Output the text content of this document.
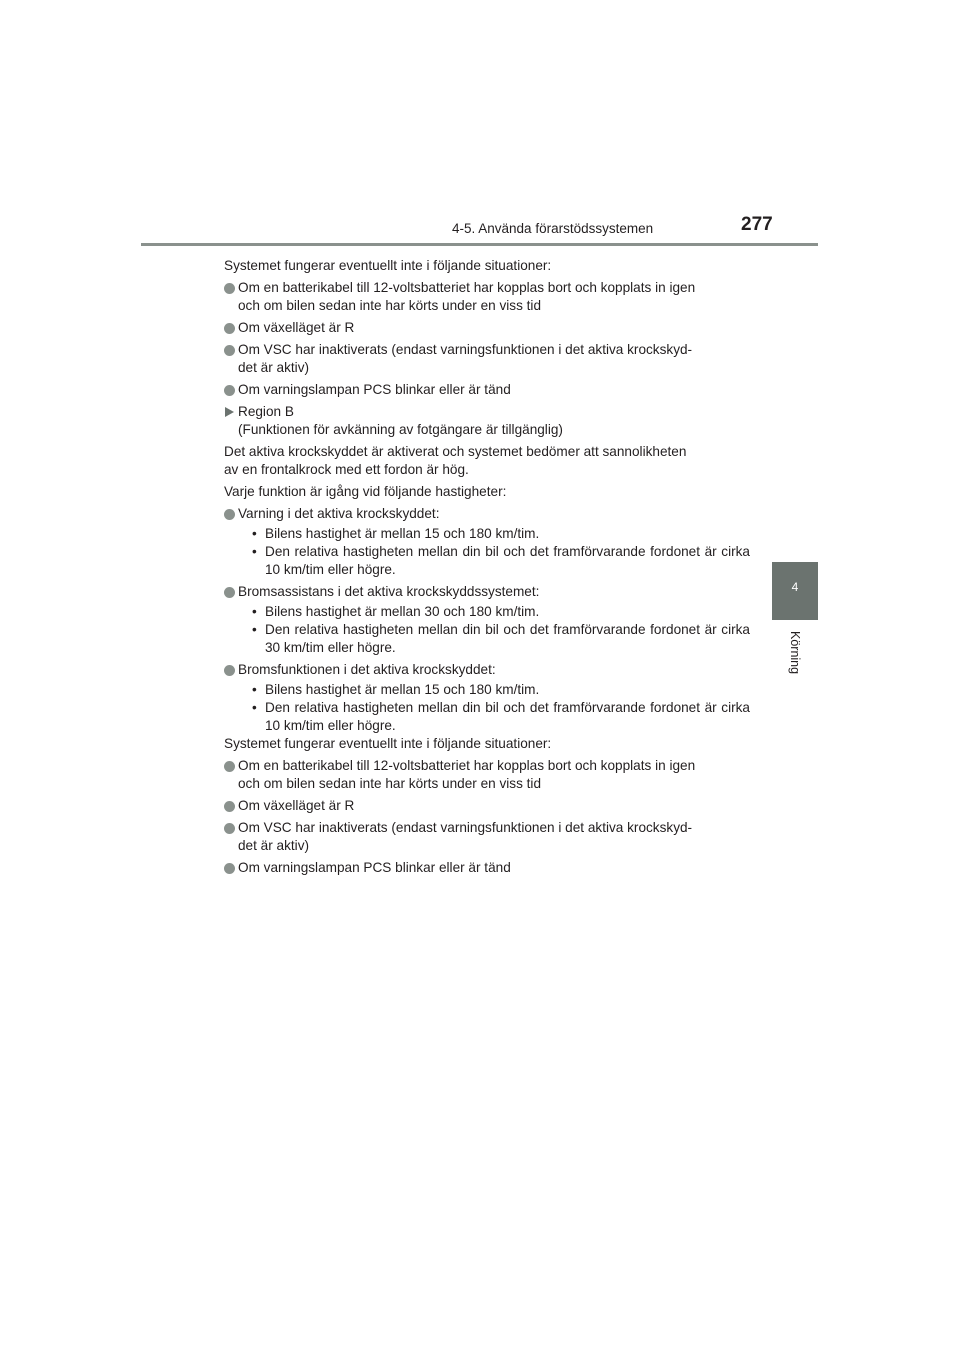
4-5. Använda förarstödssystemen	277
4
Körning

Systemet fungerar eventuellt inte i följande situationer:

Om en batterikabel till 12-voltsbatteriet har kopplas bort och kopplats in igen
och om bilen sedan inte har körts under en viss tid
Om växelläget är R
Om VSC har inaktiverats (endast varningsfunktionen i det aktiva krockskyd-
det är aktiv)
Om varningslampan PCS blinkar eller är tänd
Region B
(Funktionen för avkänning av fotgängare är tillgänglig)

Det aktiva krockskyddet är aktiverat och systemet bedömer att sannolikheten
av en frontalkrock med ett fordon är hög.

Varje funktion är igång vid följande hastigheter:

Varning i det aktiva krockskyddet:
• Bilens hastighet är mellan 15 och 180 km/tim.
• Den relativa hastigheten mellan din bil och det framförvarande fordonet är cirka 10 km/tim eller högre.
Bromsassistans i det aktiva krockskyddssystemet:
• Bilens hastighet är mellan 30 och 180 km/tim.
• Den relativa hastigheten mellan din bil och det framförvarande fordonet är cirka 30 km/tim eller högre.
Bromsfunktionen i det aktiva krockskyddet:
• Bilens hastighet är mellan 15 och 180 km/tim.
• Den relativa hastigheten mellan din bil och det framförvarande fordonet är cirka 10 km/tim eller högre.

Systemet fungerar eventuellt inte i följande situationer:

Om en batterikabel till 12-voltsbatteriet har kopplas bort och kopplats in igen
och om bilen sedan inte har körts under en viss tid
Om växelläget är R
Om VSC har inaktiverats (endast varningsfunktionen i det aktiva krockskyd-
det är aktiv)
Om varningslampan PCS blinkar eller är tänd
